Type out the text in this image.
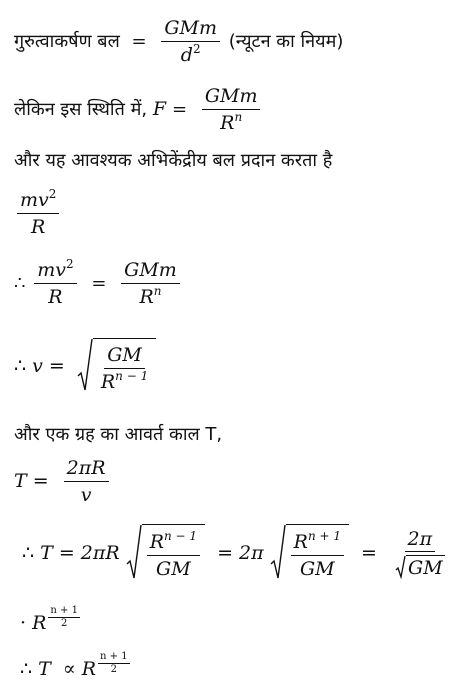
गुरुत्वाकर्षण बल = $\frac{\text{GMm}}{d^2}$ (न्यूटन का नियम)
लेकिन इस स्थिति में, $F = \frac{\text{GMm}}{R^n}$
और यह आवश्यक अभिकेंद्रीय बल प्रदान करता है
$\frac{mv^2}{R}$
∴ $\frac{mv^2}{R} = \frac{\text{GMm}}{R^n}$
∴ $v = \frac{GM}{R^{n - 1}}$
और एक ग्रह का आवर्त काल T,
$T = \frac{2\pi R}{v}$
∴ $T = 2\pi R \frac{R^{n - 1}}{GM} = 2\pi \frac{R^{n + 1}}{GM} = \frac{2\pi}{GM}$
· R $\frac{n + 1}{2}$
∴ T ∝ R $\frac{n + 1}{2}$
